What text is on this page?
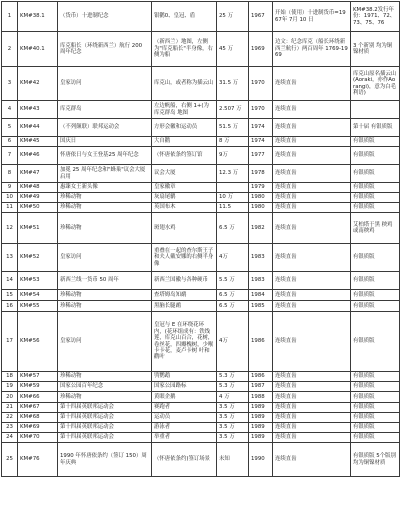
1	KM#38.1	（货币）十进制纪念	银鹳0、皇冠、盾	25 万	1967	开始（使用）十进制货币=1967年 7月 10 日	KM#38.2发行年份：1971、72、73、75、76
2	KM#40.1	库克船长（环绕新西兰）航行 200 周年纪念	（新西兰）地图，左侧为"库克船长"半身像，右侧为船	45 万	1969	边文：纪念库克（船长环绕新西兰航行）两百周年 1769-1969	3 个新别 均为铜镍材质
3	KM#42	皇家访问	库克山，或者称为插云山	31.5 万	1970	连续直齿	库克山原名插云山(Aoraki，亦作Aorangi)，意为白毛利语)
4	KM#43	库克群岛	左边帆船，右侧 1+(为 库克群岛 地图	2.507 万	1970	连续直齿	
5	KM#44	（不列颠联）联邦运动会	方形会徽和运动员	51.5 万	1974	连续直齿	第十届 有银质版
6	KM#45	国庆日	大自鹳	8 万	1974	连续直齿	有银质版
7	KM#46	怀唐依日与女王登基25 周年纪念	（怀唐依条约签订馆	9万	1977	连续直齿	有银质版
8	KM#47	加冕 25 周年纪念和"蜂巢"议会大厦启用	议会大厦	12.3 万	1978	连续直齿	有银质版
9	KM#48	惠臻女王新头像	皇家徽章		1979	连续直齿	有银质版
10	KM#49	珍稀动物	灰扇尾鹟	10 万	1980	连续直齿	有银质版
11	KM#50	珍稀动物	英国布木	11.5	1980	连续直齿	有银质版
12	KM#51	珍稀动物	斑翅水鸡	6.5 万	1982	连续直齿	艾柏塔于黑 秧鸡或南秧鸡
13	KM#52	皇家访问	重叠在一起的查尔斯王子和夫人戴安娜的右侧半身像	4万	1983	连续直齿	有银质版
14	KM#53	新西兰线一货币 50 周年	新西兰国徽与各种硬币	5.5 万	1983	连续直齿	有银质版
15	KM#54	珍稀动物	查塔姆岛知鹬	6.5 万	1984	连续直齿	有银质版
16	KM#55	珍稀动物	黑脑长腿鹬	6.5 万	1985	连续直齿	有银质版
17	KM#56	皇家访问	皇冠与 E 在环绕花环内，(花环组成有：铁线莲，库克山百合，花树，卷丝花，四瓣槐树，少喉卡卡花，麦卢卡树 叶和鹳叶	4万	1986	连续直齿	有银质版
18	KM#57	珍稀动物	鸮鹦鹉	5.3 万	1986	连续直齿	有银质版
19	KM#59	国家公园百年纪念	国家公园路标	5.3 万	1987	连续直齿	有银质版
20	KM#66	珍稀动物	黄眼企鹅	4 万	1988	连续直齿	有银质版
21	KM#67	第十四届英联邦运动会	赛跑者	3.5 万	1989	连续直齿	有银质版
22	KM#68	第十四届英联邦运动会	运动员	3.5 万	1989	连续直齿	有银质版
23	KM#69	第十四届英联邦运动会	游泳者	3.5 万	1989	连续直齿	有银质版
24	KM#70	第十四届英联邦运动会	举重者	3.5 万	1989	连续直齿	有银质版
25	KM#76	1990 年怀唐依条约（签订 150）周年庆典	（怀唐依条约)签订场景	未知	1990	连续直齿	有银质版 5个版别 均为铜镍材质
